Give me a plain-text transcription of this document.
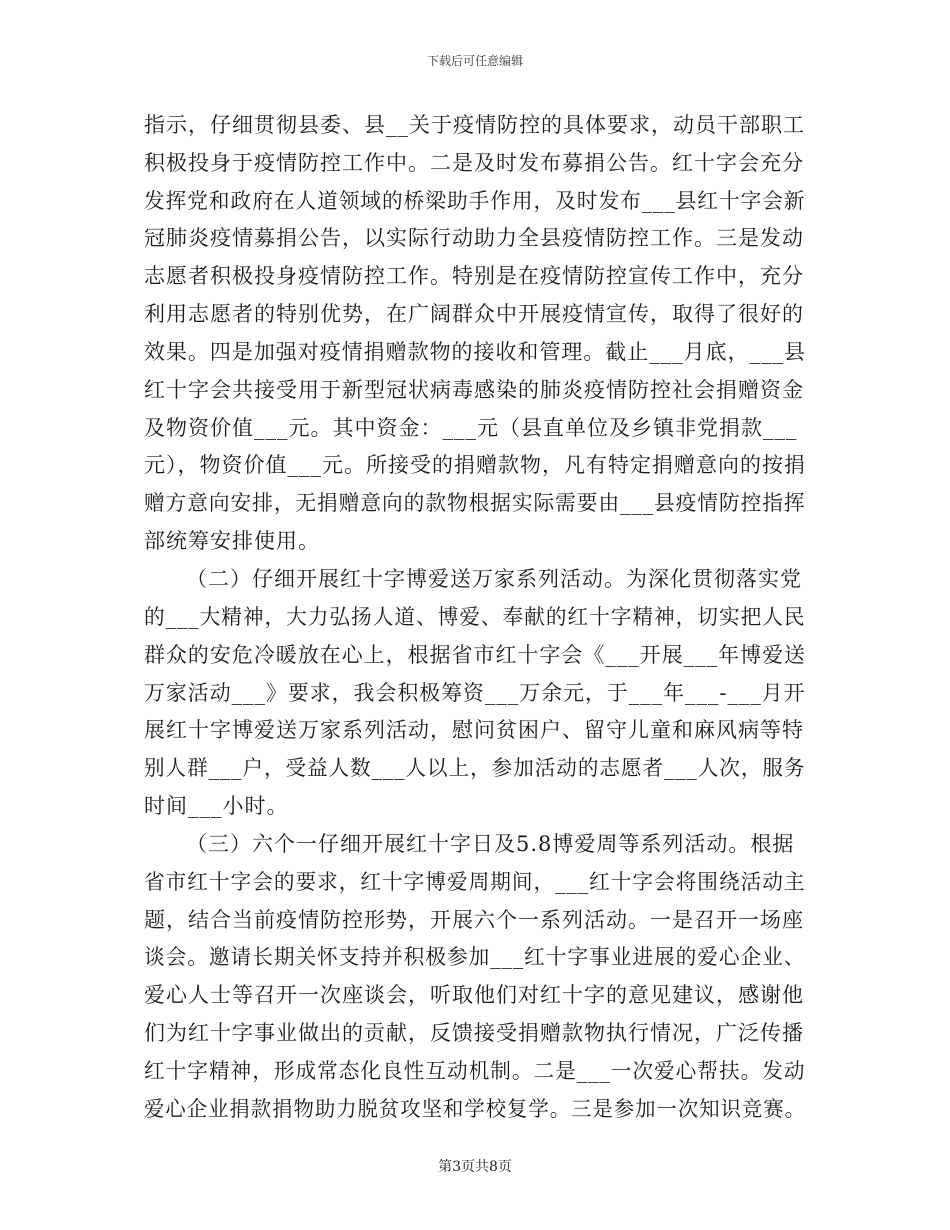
下载后可任意编辑
指示，仔细贯彻县委、县__关于疫情防控的具体要求，动员干部职工
积极投身于疫情防控工作中。二是及时发布募捐公告。红十字会充分
发挥党和政府在人道领域的桥梁助手作用，及时发布___县红十字会新
冠肺炎疫情募捐公告，以实际行动助力全县疫情防控工作。三是发动
志愿者积极投身疫情防控工作。特别是在疫情防控宣传工作中，充分
利用志愿者的特别优势，在广阔群众中开展疫情宣传，取得了很好的
效果。四是加强对疫情捐赠款物的接收和管理。截止___月底，___县
红十字会共接受用于新型冠状病毒感染的肺炎疫情防控社会捐赠资金
及物资价值___元。其中资金：___元（县直单位及乡镇非党捐款___
元），物资价值___元。所接受的捐赠款物，凡有特定捐赠意向的按捐
赠方意向安排，无捐赠意向的款物根据实际需要由___县疫情防控指挥
部统筹安排使用。
（二）仔细开展红十字博爱送万家系列活动。为深化贯彻落实党
的___大精神，大力弘扬人道、博爱、奉献的红十字精神，切实把人民
群众的安危冷暖放在心上，根据省市红十字会《___开展___年博爱送
万家活动___》要求，我会积极筹资___万余元，于___年___-___月开
展红十字博爱送万家系列活动，慰问贫困户、留守儿童和麻风病等特
别人群___户，受益人数___人以上，参加活动的志愿者___人次，服务
时间___小时。
（三）六个一仔细开展红十字日及5.8博爱周等系列活动。根据
省市红十字会的要求，红十字博爱周期间，___红十字会将围绕活动主
题，结合当前疫情防控形势，开展六个一系列活动。一是召开一场座
谈会。邀请长期关怀支持并积极参加___红十字事业进展的爱心企业、
爱心人士等召开一次座谈会，听取他们对红十字的意见建议，感谢他
们为红十字事业做出的贡献，反馈接受捐赠款物执行情况，广泛传播
红十字精神，形成常态化良性互动机制。二是___一次爱心帮扶。发动
爱心企业捐款捐物助力脱贫攻坚和学校复学。三是参加一次知识竞赛。
第3页共8页
